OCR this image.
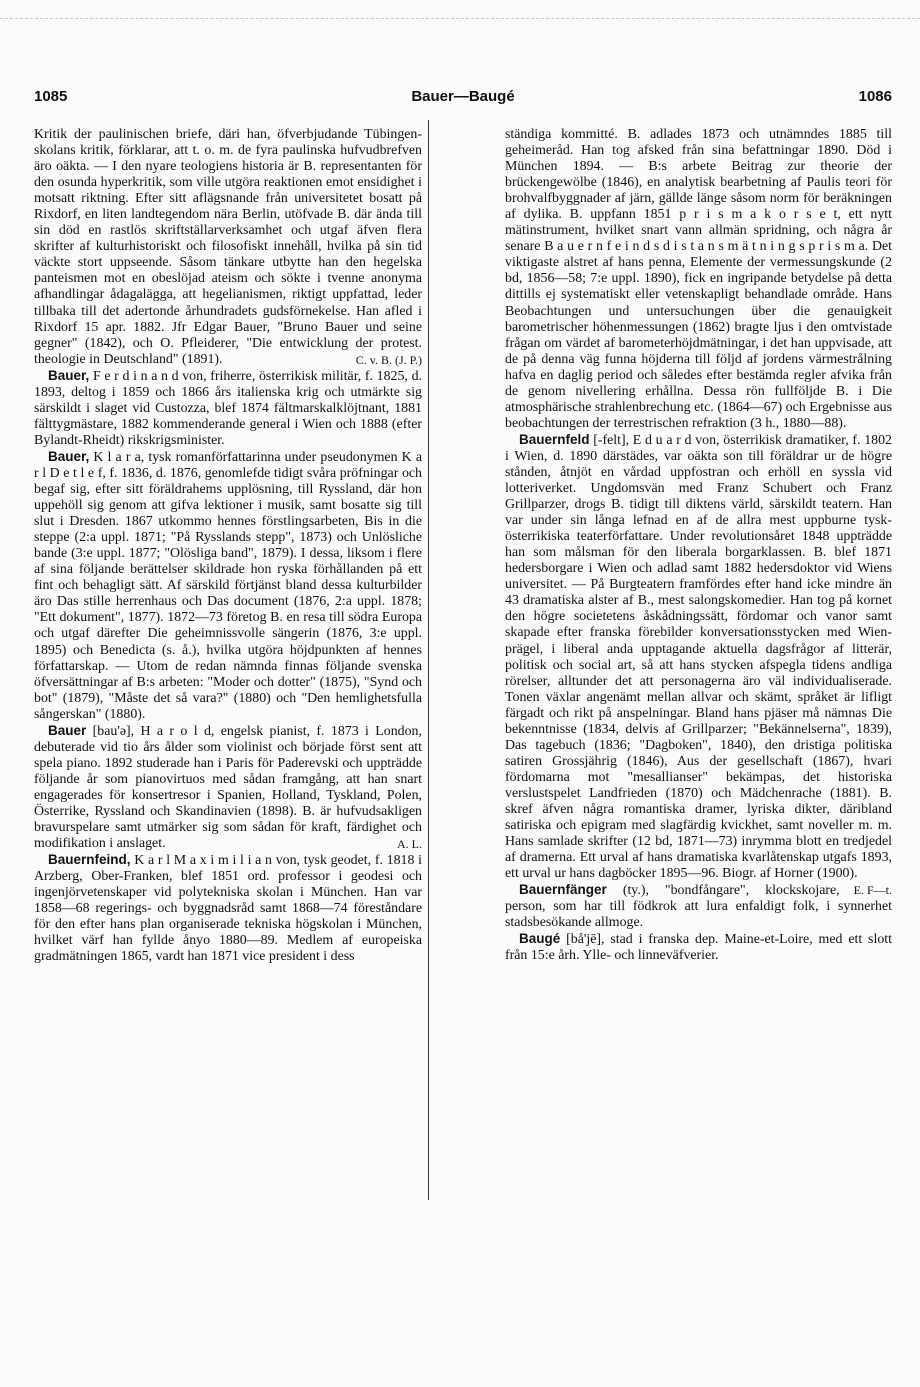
1085	Bauer—Baugé	1086

Kritik der paulinischen briefe, däri han, öfverbjudande Tübingen-skolans kritik, förklarar, att t. o. m. de fyra paulinska hufvudbrefven äro oäkta. — I den nyare teologiens historia är B. representanten för den osunda hyperkritik, som ville utgöra reaktionen emot ensidighet i motsatt riktning. Efter sitt aflägsnande från universitetet bosatt på Rixdorf, en liten landtegendom nära Berlin, utöfvade B. där ända till sin död en rastlös skriftställarverksamhet och utgaf äfven flera skrifter af kulturhistoriskt och filosofiskt innehåll, hvilka på sin tid väckte stort uppseende. Såsom tänkare utbytte han den hegelska panteismen mot en obeslöjad ateism och sökte i tvenne anonyma afhandlingar ådagalägga, att hegelianismen, riktigt uppfattad, leder tillbaka till det adertonde århundradets gudsförnekelse. Han afled i Rixdorf 15 apr. 1882. Jfr Edgar Bauer, "Bruno Bauer und seine gegner" (1842), och O. Pfleiderer, "Die entwicklung der protest. theologie in Deutschland" (1891).	C. v. B. (J. P.)

Bauer, F e r d i n a n d von, friherre, österrikisk militär, f. 1825, d. 1893, deltog i 1859 och 1866 års italienska krig och utmärkte sig särskildt i slaget vid Custozza, blef 1874 fältmarskalklöjtnant, 1881 fälttygmästare, 1882 kommenderande general i Wien och 1888 (efter Bylandt-Rheidt) rikskrigsminister.

Bauer, K l a r a, tysk romanförfattarinna under pseudonymen K a r l D e t l e f, f. 1836, d. 1876, genomlefde tidigt svåra pröfningar och begaf sig, efter sitt föräldrahems upplösning, till Ryssland, där hon uppehöll sig genom att gifva lektioner i musik, samt bosatte sig till slut i Dresden. 1867 utkommo hennes förstlingsarbeten, Bis in die steppe (2:a uppl. 1871; "På Rysslands stepp", 1873) och Unlösliche bande (3:e uppl. 1877; "Olösliga band", 1879). I dessa, liksom i flere af sina följande berättelser skildrade hon ryska förhållanden på ett fint och behagligt sätt. Af särskild förtjänst bland dessa kulturbilder äro Das stille herrenhaus och Das document (1876, 2:a uppl. 1878; "Ett dokument", 1877). 1872—73 företog B. en resa till södra Europa och utgaf därefter Die geheimnissvolle sängerin (1876, 3:e uppl. 1895) och Benedicta (s. å.), hvilka utgöra höjdpunkten af hennes författarskap. — Utom de redan nämnda finnas följande svenska öfversättningar af B:s arbeten: "Moder och dotter" (1875), "Synd och bot" (1879), "Måste det så vara?" (1880) och "Den hemlighetsfulla sångerskan" (1880).

Bauer [bau'ə], H a r o l d, engelsk pianist, f. 1873 i London, debuterade vid tio års ålder som violinist och började först sent att spela piano. 1892 studerade han i Paris för Paderevski och uppträdde följande år som pianovirtuos med sådan framgång, att han snart engagerades för konsertresor i Spanien, Holland, Tyskland, Polen, Österrike, Ryssland och Skandinavien (1898). B. är hufvudsakligen bravurspelare samt utmärker sig som sådan för kraft, färdighet och modifikation i anslaget.	A. L.

Bauernfeind, K a r l M a x i m i l i a n von, tysk geodet, f. 1818 i Arzberg, Ober-Franken, blef 1851 ord. professor i geodesi och ingenjörvetenskaper vid polytekniska skolan i München. Han var 1858—68 regerings- och byggnadsråd samt 1868—74 föreståndare för den efter hans plan organiserade tekniska högskolan i München, hvilket värf han fyllde ånyo 1880—89. Medlem af europeiska gradmätningen 1865, vardt han 1871 vice president i dess

ständiga kommitté. B. adlades 1873 och utnämndes 1885 till geheimeråd. Han tog afsked från sina befattningar 1890. Död i München 1894. — B:s arbete Beitrag zur theorie der brückengewölbe (1846), en analytisk bearbetning af Paulis teori för brohvalfbyggnader af järn, gällde länge såsom norm för beräkningen af dylika. B. uppfann 1851 p r i s m a k o r s e t, ett nytt mätinstrument, hvilket snart vann allmän spridning, och några år senare B a u e r n f e i n d s d i s t a n s m ä t n i n g s p r i s m a. Det viktigaste alstret af hans penna, Elemente der vermessungskunde (2 bd, 1856—58; 7:e uppl. 1890), fick en ingripande betydelse på detta dittills ej systematiskt eller vetenskapligt behandlade område. Hans Beobachtungen und untersuchungen über die genauigkeit barometrischer höhenmessungen (1862) bragte ljus i den omtvistade frågan om värdet af barometerhöjdmätningar, i det han uppvisade, att de på denna väg funna höjderna till följd af jordens värmestrålning hafva en daglig period och således efter bestämda regler afvika från de genom nivellering erhållna. Dessa rön fullföljde B. i Die atmosphärische strahlenbrechung etc. (1864—67) och Ergebnisse aus beobachtungen der terrestrischen refraktion (3 h., 1880—88).

Bauernfeld [-felt], E d u a r d von, österrikisk dramatiker, f. 1802 i Wien, d. 1890 därstädes, var oäkta son till föräldrar ur de högre stånden, åtnjöt en vårdad uppfostran och erhöll en syssla vid lotteriverket. Ungdomsvän med Franz Schubert och Franz Grillparzer, drogs B. tidigt till diktens värld, särskildt teatern. Han var under sin långa lefnad en af de allra mest uppburne tysk-österrikiska teaterförfattare. Under revolutionsåret 1848 uppträdde han som målsman för den liberala borgarklassen. B. blef 1871 hedersborgare i Wien och adlad samt 1882 hedersdoktor vid Wiens universitet. — På Burgteatern framfördes efter hand icke mindre än 43 dramatiska alster af B., mest salongskomedier. Han tog på kornet den högre societetens åskådningssätt, fördomar och vanor samt skapade efter franska förebilder konversationsstycken med Wien-prägel, i liberal anda upptagande aktuella dagsfrågor af litterär, politisk och social art, så att hans stycken afspegla tidens andliga rörelser, alltunder det att personagerna äro väl individualiserade. Tonen växlar angenämt mellan allvar och skämt, språket är lifligt färgadt och rikt på anspelningar. Bland hans pjäser må nämnas Die bekenntnisse (1834, delvis af Grillparzer; "Bekännelserna", 1839), Das tagebuch (1836; "Dagboken", 1840), den dristiga politiska satiren Grossjährig (1846), Aus der gesellschaft (1867), hvari fördomarna mot "mesallianser" bekämpas, det historiska verslustspelet Landfrieden (1870) och Mädchenrache (1881). B. skref äfven några romantiska dramer, lyriska dikter, däribland satiriska och epigram med slagfärdig kvickhet, samt noveller m. m. Hans samlade skrifter (12 bd, 1871—73) inrymma blott en tredjedel af dramerna. Ett urval af hans dramatiska kvarlåtenskap utgafs 1893, ett urval ur hans dagböcker 1895—96. Biogr. af Horner (1900).
E. F—t.

Bauernfänger (ty.), "bondfångare", klockskojare, person, som har till födkrok att lura enfaldigt folk, i synnerhet stadsbesökande allmoge.

Baugé [bå'jē], stad i franska dep. Maine-et-Loire, med ett slott från 15:e årh. Ylle- och linneväfverier.
